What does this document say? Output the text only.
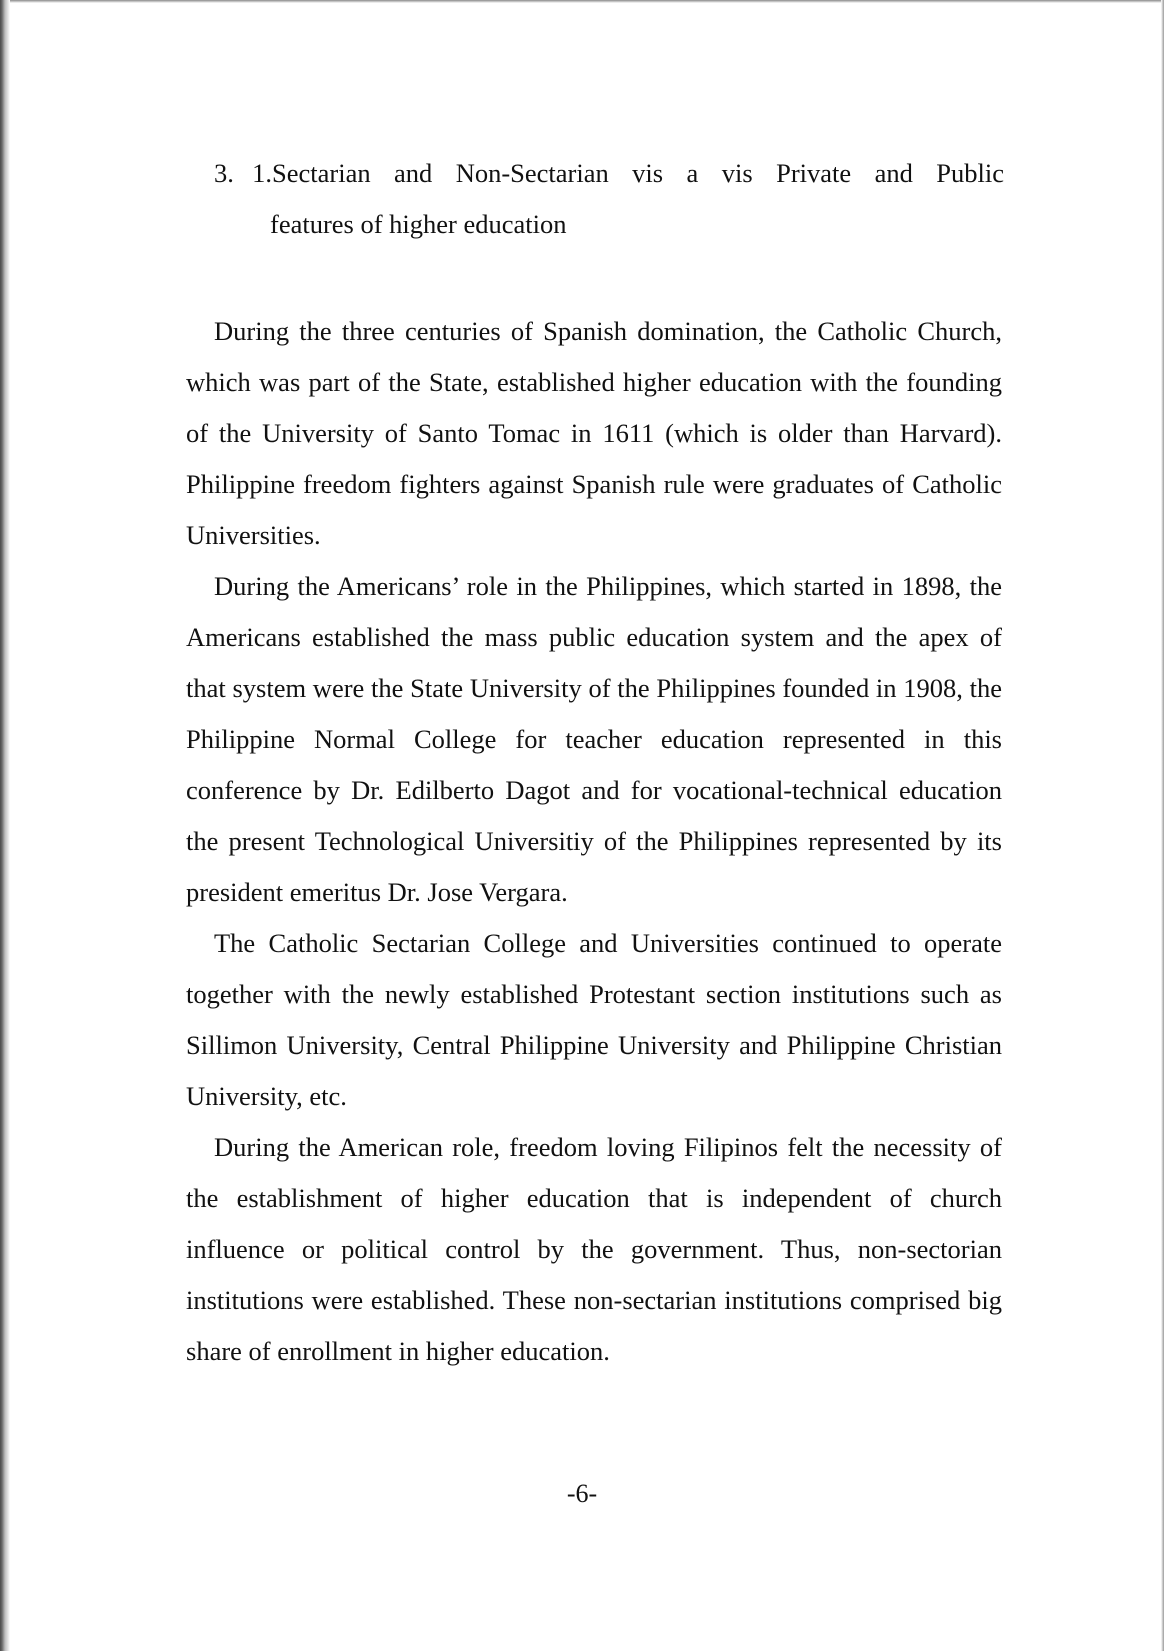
3. 1.Sectarian and Non-Sectarian vis a vis Private and Public
features of higher education

During the three centuries of Spanish domination, the Catholic Church, which was part of the State, established higher education with the founding of the University of Santo Tomac in 1611 (which is older than Harvard). Philippine freedom fighters against Spanish rule were graduates of Catholic Universities.

During the Americans’ role in the Philippines, which started in 1898, the Americans established the mass public education system and the apex of that system were the State University of the Philippines founded in 1908, the Philippine Normal College for teacher education represented in this conference by Dr. Edilberto Dagot and for vocational-technical education the present Technological Universitiy of the Philippines represented by its president emeritus Dr. Jose Vergara.

The Catholic Sectarian College and Universities continued to operate together with the newly established Protestant section institutions such as Sillimon University, Central Philippine University and Philippine Christian University, etc.

During the American role, freedom loving Filipinos felt the necessity of the establishment of higher education that is independent of church influence or political control by the government. Thus, non-sectorian institutions were established. These non-sectarian institutions comprised big share of enrollment in higher education.

-6-
